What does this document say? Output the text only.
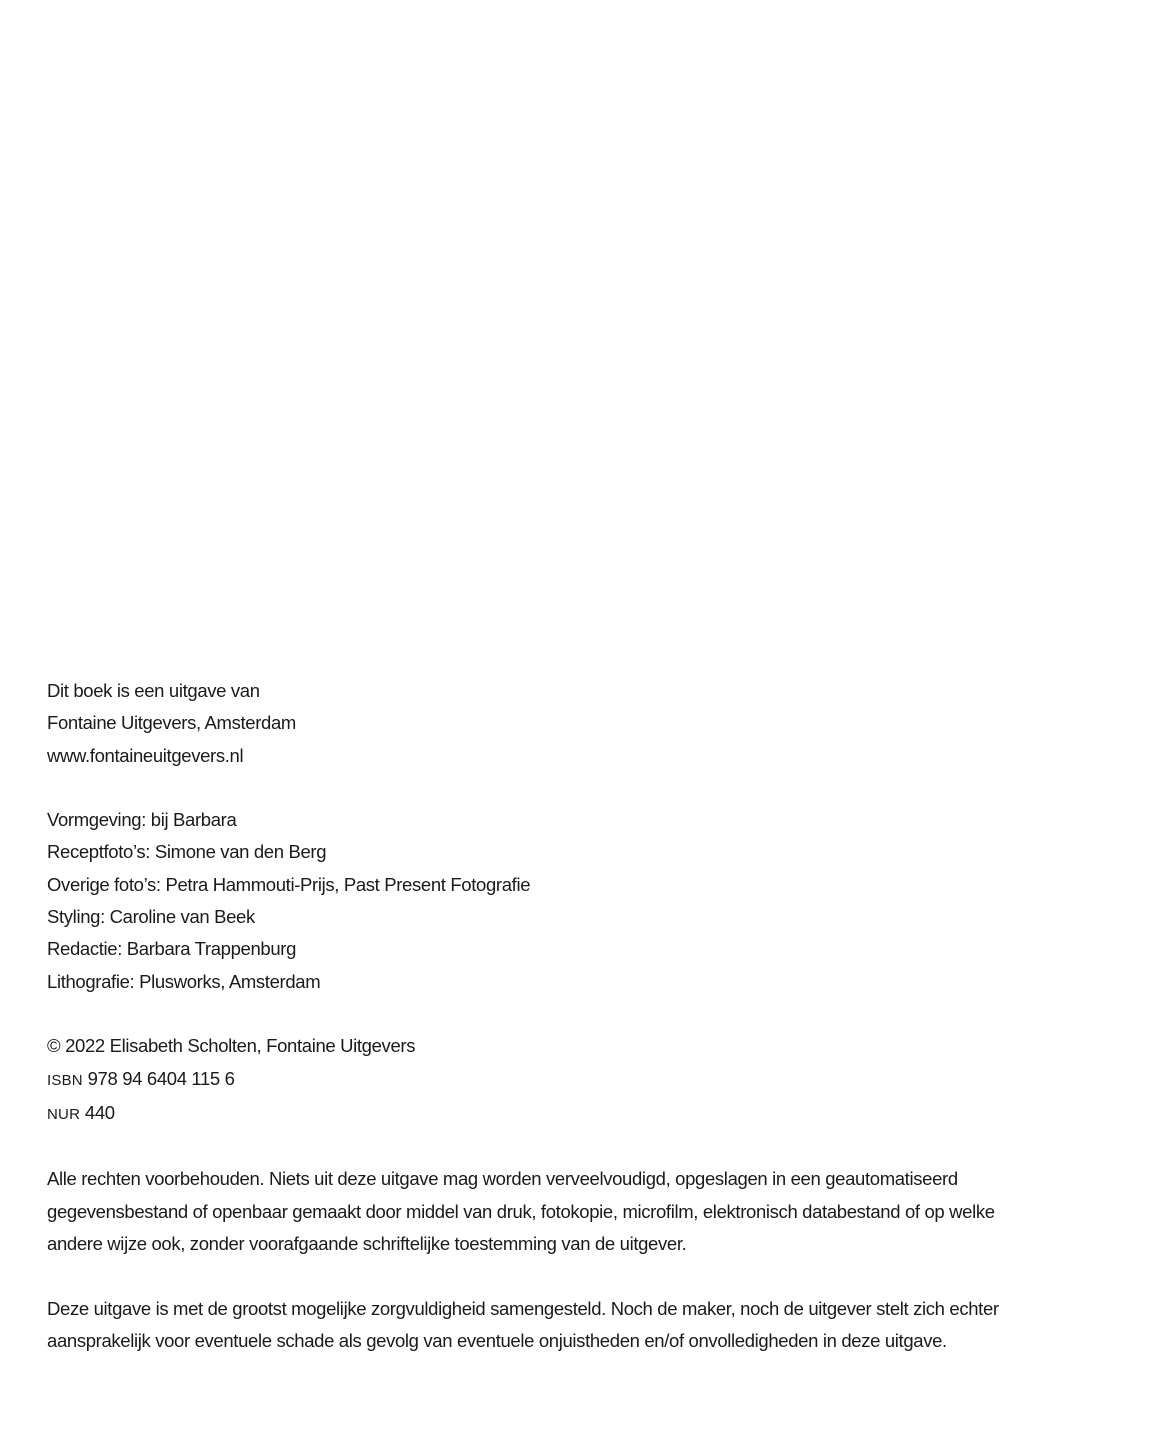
Dit boek is een uitgave van
Fontaine Uitgevers, Amsterdam
www.fontaineuitgevers.nl
Vormgeving: bij Barbara
Receptfoto’s: Simone van den Berg
Overige foto’s: Petra Hammouti-Prijs, Past Present Fotografie
Styling: Caroline van Beek
Redactie: Barbara Trappenburg
Lithografie: Plusworks, Amsterdam
© 2022 Elisabeth Scholten, Fontaine Uitgevers
ISBN 978 94 6404 115 6
NUR 440
Alle rechten voorbehouden. Niets uit deze uitgave mag worden verveelvoudigd, opgeslagen in een geautomatiseerd
gegevensbestand of openbaar gemaakt door middel van druk, fotokopie, microfilm, elektronisch databestand of op welke
andere wijze ook, zonder voorafgaande schriftelijke toestemming van de uitgever.
Deze uitgave is met de grootst mogelijke zorgvuldigheid samengesteld. Noch de maker, noch de uitgever stelt zich echter
aansprakelijk voor eventuele schade als gevolg van eventuele onjuistheden en/of onvolledigheden in deze uitgave.
